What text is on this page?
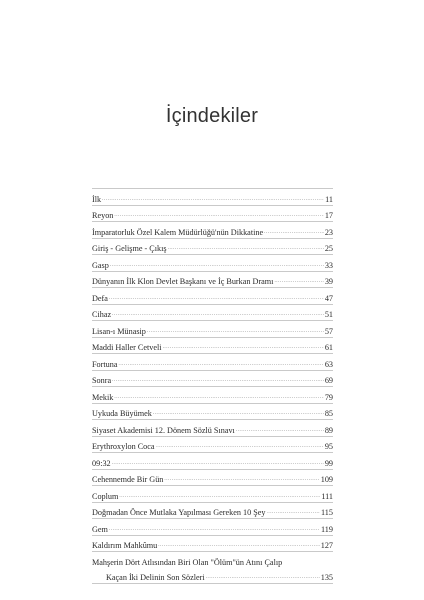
İçindekiler
İlk .....	11
Reyon .....	17
İmparatorluk Özel Kalem Müdürlüğü'nün Dikkatine .....	23
Giriş - Gelişme - Çıkış .....	25
Gasp .....	33
Dünyanın İlk Klon Devlet Başkanı ve İç Burkan Dramı .....	39
Defa .....	47
Cihaz .....	51
Lisan-ı Münasip .....	57
Maddi Haller Cetveli .....	61
Fortuna .....	63
Sonra .....	69
Mekik .....	79
Uykuda Büyümek .....	85
Siyaset Akademisi 12. Dönem Sözlü Sınavı .....	89
Erythroxylon Coca .....	95
09:32 .....	99
Cehennemde Bir Gün .....	109
Coplum .....	111
Doğmadan Önce Mutlaka Yapılması Gereken 10 Şey .....	115
Gem .....	119
Kaldırım Mahkûmu .....	127
Mahşerin Dört Atlısından Biri Olan "Ölüm"ün Atını Çalıp
Kaçan İki Delinin Son Sözleri .....	135
